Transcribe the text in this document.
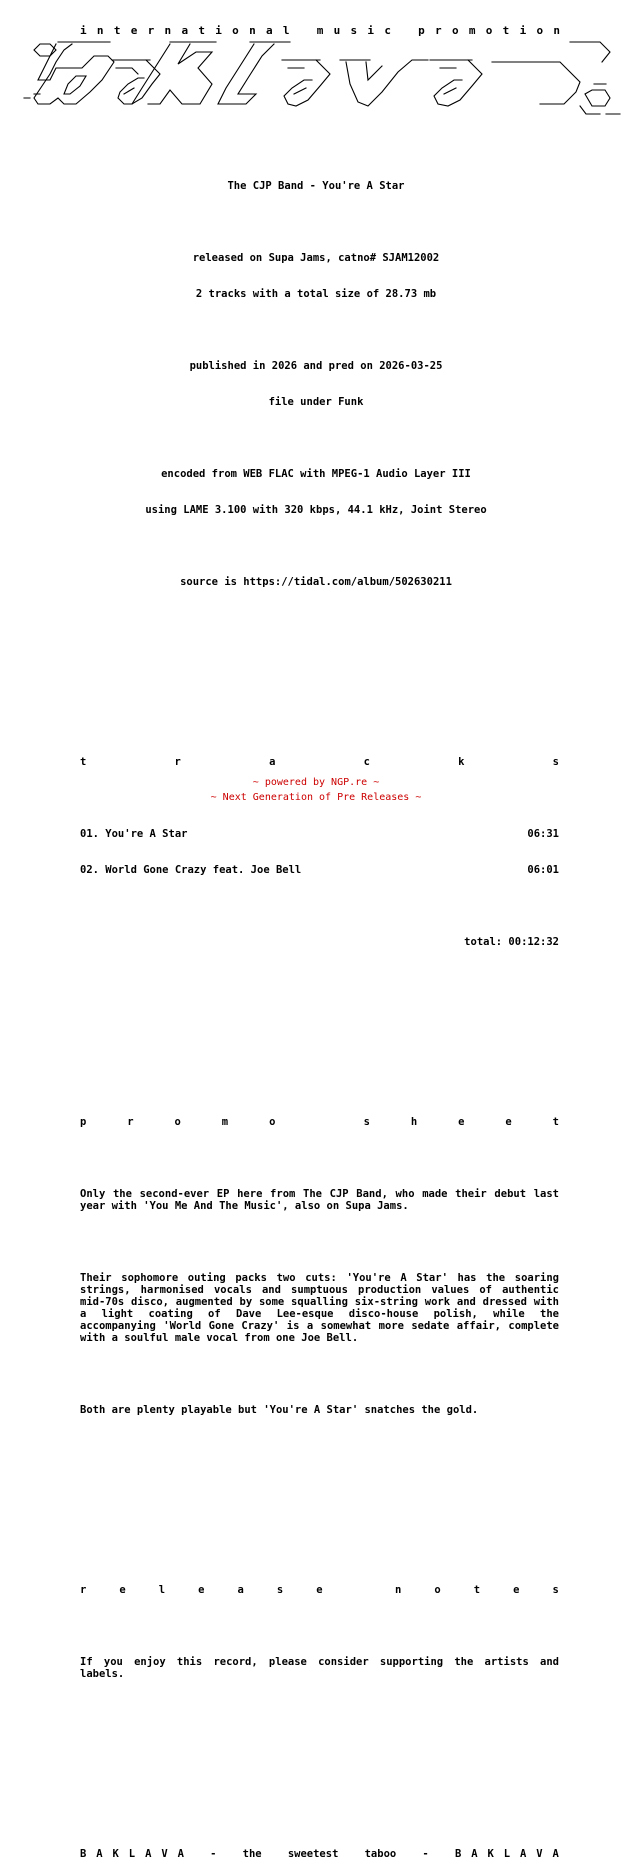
i n t e r n a t i o n a l
m u s i c
p r o m o t i o n

The CJP Band - You're A Star

released on Supa Jams, catno# SJAM12002

2 tracks with a total size of 28.73 mb

published in 2026 and pred on 2026-03-25

file under Funk

encoded from WEB FLAC with MPEG-1 Audio Layer III

using LAME 3.100 with 320 kbps, 44.1 kHz, Joint Stereo

source is https://tidal.com/album/502630211

t	r	a	c	k	s

01. You're A Star	06:31

02. World Gone Crazy feat. Joe Bell	06:01

total: 00:12:32

p	r	o	m	o
	s	h	e	e	t

Only the second-ever EP here from The CJP Band, who made their debut last year with 'You Me And The Music', also on Supa Jams.

Their sophomore outing packs two cuts: 'You're A Star' has the soaring strings, harmonised vocals and sumptuous production values of authentic mid-70s disco, augmented by some squalling six-string work and dressed with a light coating of Dave Lee-esque disco-house polish, while the accompanying 'World Gone Crazy' is a somewhat more sedate affair, complete with a soulful male vocal from one Joe Bell.

Both are plenty playable but 'You're A Star' snatches the gold.

r	e	l	e	a	s	e
	n	o	t	e	s

If you enjoy this record, please consider supporting the artists and labels.

B A K L A V A
-
the
sweetest
taboo
-
B A K L A V A

~ powered by NGP.re ~
~ Next Generation of Pre Releases ~
